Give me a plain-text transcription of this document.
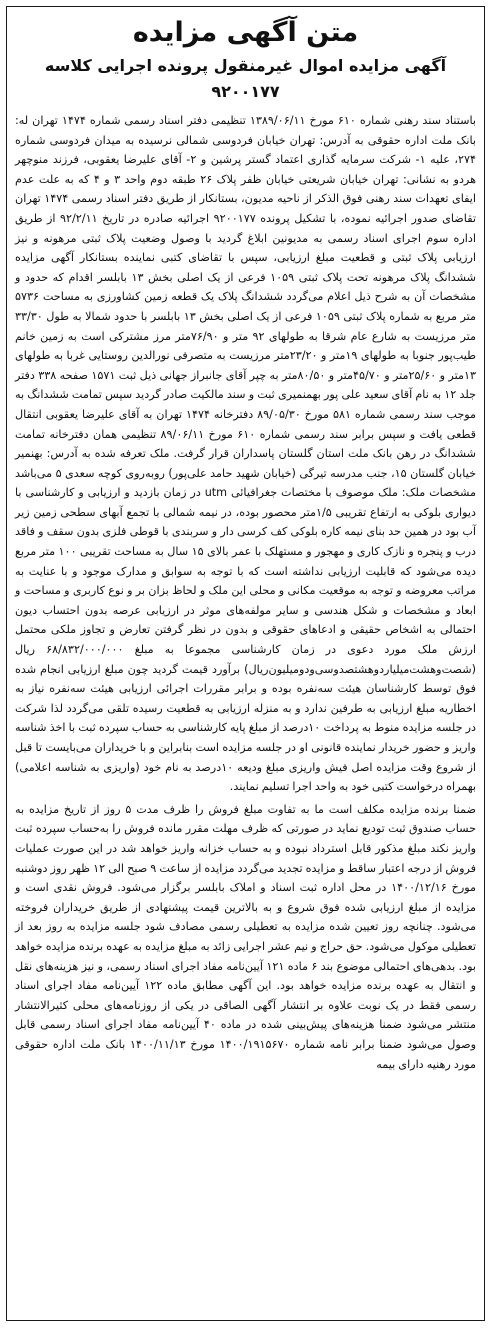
متن آگهی مزایده
آگهی مزایده اموال غیرمنقول پرونده اجرایی کلاسه ۹۲۰۰۱۷۷

باستناد سند رهنی شماره ۶۱۰ مورخ ۱۳۸۹/۰۶/۱۱ تنظیمی دفتر اسناد رسمی شماره ۱۴۷۴ تهران له: بانک ملت اداره حقوقی به آدرس: تهران خیابان فردوسی شمالی نرسیده به میدان فردوسی شماره ۲۷۴، علیه ۱- شرکت سرمایه گذاری اعتماد گستر پرشین و ۲- آقای علیرضا یعقوبی، فرزند منوچهر هردو به نشانی: تهران خیابان شریعتی خیابان ظفر پلاک ۲۶ طبقه دوم واحد ۳ و ۴ که به علت عدم ایفای تعهدات سند رهنی فوق الذکر از ناحیه مدیون، بستانکار از طریق دفتر اسناد رسمی ۱۴۷۴ تهران تقاضای صدور اجرائیه نموده، با تشکیل پرونده ۹۲۰۰۱۷۷ اجرائیه صادره در تاریخ ۹۲/۲/۱۱ از طریق اداره سوم اجرای اسناد رسمی به مدیونین ابلاغ گردید با وصول وضعیت پلاک ثبتی مرهونه و نیز ارزیابی پلاک ثبتی و قطعیت مبلغ ارزیابی، سپس با تقاضای کتبی نماینده بستانکار آگهی مزایده ششدانگ پلاک مرهونه تحت پلاک ثبتی ۱۰۵۹ فرعی از یک اصلی بخش ۱۳ بابلسر اقدام که حدود و مشخصات آن به شرح ذیل اعلام می‌گردد ششدانگ پلاک یک قطعه زمین کشاورزی به مساحت ۵۷۳۶ متر مربع به شماره پلاک ثبتی ۱۰۵۹ فرعی از یک اصلی بخش ۱۳ بابلسر با حدود شمالا به طول ۳۳/۳۰ متر مرزیست به شارع عام شرقا به طولهای ۹۲ متر و ۷۶/۹۰متر مرز مشترکی است به زمین خانم طیب‌پور جنوبا به طولهای ۱۹متر و ۲۳/۲۰متر مرزیست به متصرفی نورالدین روستایی غربا به طولهای ۱۳متر و ۲۵/۶۰متر و ۴۵/۷۰متر و ۸۰/۵۰متر به چپر آقای جانبراز جهانی ذیل ثبت ۱۵۷۱ صفحه ۳۳۸ دفتر جلد ۱۲ به نام آقای سعید علی پور بهمنمیری ثبت و سند مالکیت صادر گردید سپس تمامت ششدانگ به موجب سند رسمی شماره ۵۸۱ مورخ ۸۹/۰۵/۳۰ دفترخانه ۱۴۷۴ تهران به آقای علیرضا یعقوبی انتقال قطعی یافت و سپس برابر سند رسمی شماره ۶۱۰ مورخ ۸۹/۰۶/۱۱ تنظیمی همان دفترخانه تمامت ششدانگ در رهن بانک ملت استان گلستان پاسداران قرار گرفت. ملک تعرفه شده به آدرس: بهنمیر خیابان گلستان ۱۵، جنب مدرسه تیرگی (خیابان شهید حامد علی‌پور) روبه‌روی کوچه سعدی ۵ می‌باشد مشخصات ملک: ملک موصوف با مختصات جغرافیائی utm در زمان بازدید و ارزیابی و کارشناسی با دیواری بلوکی به ارتفاع تقریبی ۱/۵متر محصور بوده، در نیمه شمالی با تجمع آبهای سطحی زمین زیر آب بود در همین حد بنای نیمه کاره بلوکی کف کرسی دار و سربندی با قوطی فلزی بدون سقف و فاقد درب و پنجره و نازک کاری و مهجور و مستهلک با عمر بالای ۱۵ سال به مساحت تقریبی ۱۰۰ متر مربع دیده می‌شود که قابلیت ارزیابی نداشته است که با توجه به سوابق و مدارک موجود و با عنایت به مراتب معروضه و توجه به موقعیت مکانی و محلی این ملک و لحاظ بزان بر و نوع کاربری و مساحت و ابعاد و مشخصات و شکل هندسی و سایر مولفه‌های موثر در ارزیابی عرصه بدون احتساب دیون احتمالی به اشخاص حقیقی و ادعاهای حقوقی و بدون در نظر گرفتن تعارض و تجاوز ملکی محتمل ارزش ملک مورد دعوی در زمان کارشناسی مجموعا به مبلغ ۶۸/۸۳۲/۰۰۰/۰۰۰ ریال (شصت‌وهشت‌میلیاردوهشتصدوسی‌ودومیلیون‌ریال) برآورد قیمت گردید چون مبلغ ارزیابی انجام شده فوق توسط کارشناسان هیئت سه‌نفره بوده و برابر مقررات اجرائی ارزیابی هیئت سه‌نفره نیاز به اخطاریه مبلغ ارزیابی به طرفین ندارد و به منزله ارزیابی به قطعیت رسیده تلقی می‌گردد لذا شرکت در جلسه مزایده منوط به پرداخت ۱۰درصد از مبلغ پایه کارشناسی به حساب سپرده ثبت با اخذ شناسه واریز و حضور خریدار نماینده قانونی او در جلسه مزایده است بنابراین و با خریداران می‌بایست تا قبل از شروع وقت مزایده اصل فیش واریزی مبلغ ودیعه ۱۰درصد به نام خود (واریزی به شناسه اعلامی) بهمراه درخواست کتبی خود به واحد اجرا تسلیم نمایند.

ضمنا برنده مزایده مکلف است ما به تفاوت مبلغ فروش را ظرف مدت ۵ روز از تاریخ مزایده به حساب صندوق ثبت تودیع نماید در صورتی که ظرف مهلت مقرر مانده فروش را به‌حساب سپرده ثبت واریز نکند مبلغ مذکور قابل استرداد نبوده و به حساب خزانه واریز خواهد شد در این صورت عملیات فروش از درجه اعتبار ساقط و مزایده تجدید می‌گردد مزایده از ساعت ۹ صبح الی ۱۲ ظهر روز دوشنبه مورخ ۱۴۰۰/۱۲/۱۶ در محل اداره ثبت اسناد و املاک بابلسر برگزار می‌شود. فروش نقدی است و مزایده از مبلغ ارزیابی شده فوق شروع و به بالاترین قیمت پیشنهادی از طریق خریداران فروخته می‌شود. چنانچه روز تعیین شده مزایده به تعطیلی رسمی مصادف شود جلسه مزایده به روز بعد از تعطیلی موکول می‌شود. حق حراج و نیم عشر اجرایی زائد به مبلغ مزایده به عهده برنده مزایده خواهد بود. بدهی‌های احتمالی موضوع بند ۶ ماده ۱۲۱ آیین‌نامه مفاد اجرای اسناد رسمی، و نیز هزینه‌های نقل و انتقال به عهده برنده مزایده خواهد بود. این آگهی مطابق ماده ۱۲۲ آیین‌نامه مفاد اجرای اسناد رسمی فقط در یک نوبت علاوه بر انتشار آگهی الصاقی در یکی از روزنامه‌های محلی کثیرالانتشار منتشر می‌شود ضمنا هزینه‌های پیش‌بینی شده در ماده ۴۰ آیین‌نامه مفاد اجرای اسناد رسمی قابل وصول می‌شود ضمنا برابر نامه شماره ۱۴۰۰/۱۹۱۵۶۷۰ مورخ ۱۴۰۰/۱۱/۱۳ بانک ملت اداره حقوقی مورد رهنیه دارای بیمه
